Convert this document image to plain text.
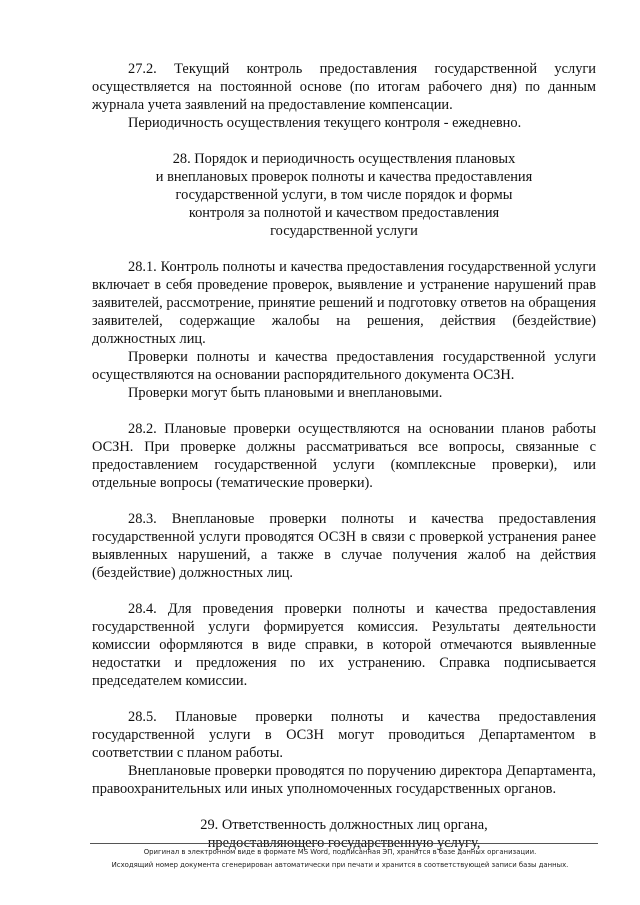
27.2. Текущий контроль предоставления государственной услуги осуществляется на постоянной основе (по итогам рабочего дня) по данным журнала учета заявлений на предоставление компенсации.

Периодичность осуществления текущего контроля - ежедневно.

28. Порядок и периодичность осуществления плановых
и внеплановых проверок полноты и качества предоставления
государственной услуги, в том числе порядок и формы
контроля за полнотой и качеством предоставления
государственной услуги

28.1. Контроль полноты и качества предоставления государственной услуги включает в себя проведение проверок, выявление и устранение нарушений прав заявителей, рассмотрение, принятие решений и подготовку ответов на обращения заявителей, содержащие жалобы на решения, действия (бездействие) должностных лиц.

Проверки полноты и качества предоставления государственной услуги осуществляются на основании распорядительного документа ОСЗН.

Проверки могут быть плановыми и внеплановыми.

28.2. Плановые проверки осуществляются на основании планов работы ОСЗН. При проверке должны рассматриваться все вопросы, связанные с предоставлением государственной услуги (комплексные проверки), или отдельные вопросы (тематические проверки).

28.3. Внеплановые проверки полноты и качества предоставления государственной услуги проводятся ОСЗН в связи с проверкой устранения ранее выявленных нарушений, а также в случае получения жалоб на действия (бездействие) должностных лиц.

28.4. Для проведения проверки полноты и качества предоставления государственной услуги формируется комиссия. Результаты деятельности комиссии оформляются в виде справки, в которой отмечаются выявленные недостатки и предложения по их устранению. Справка подписывается председателем комиссии.

28.5. Плановые проверки полноты и качества предоставления государственной услуги в ОСЗН могут проводиться Департаментом в соответствии с планом работы.

Внеплановые проверки проводятся по поручению директора Департамента, правоохранительных или иных уполномоченных государственных органов.

29. Ответственность должностных лиц органа,
предоставляющего государственную услугу,
Оригинал в электронном виде в формате MS Word, подписанная ЭП, хранится в базе данных организации.
Исходящий номер документа сгенерирован автоматически при печати и хранится в соответствующей записи базы данных.
